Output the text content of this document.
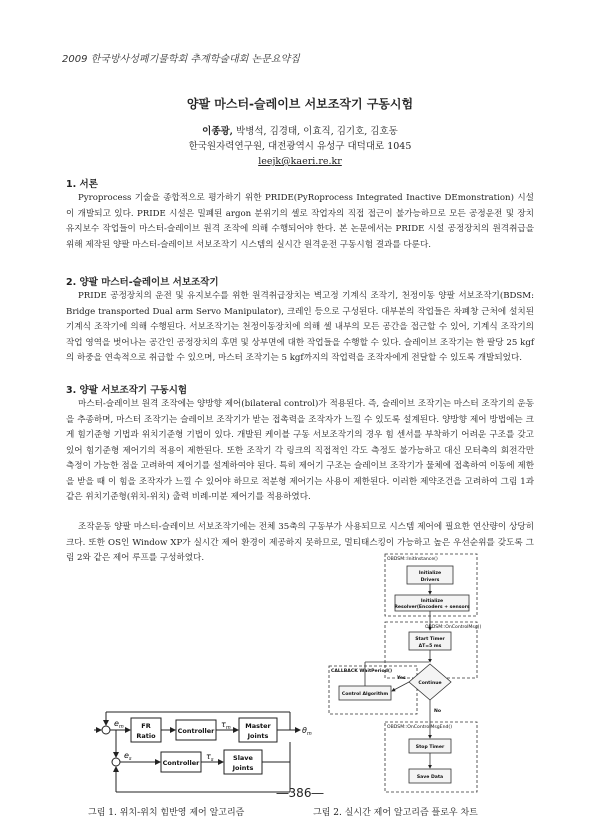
2009 한국방사성폐기물학회 추계학술대회 논문요약집
양팔 마스터-슬레이브 서보조작기 구동시험
이종광, 박병석, 김경태, 이효직, 김기호, 김호동
한국원자력연구원, 대전광역시 유성구 대덕대로 1045
leejk@kaeri.re.kr
1. 서론
Pyroprocess 기술을 종합적으로 평가하기 위한 PRIDE(PyRoprocess Integrated Inactive DEmonstration) 시설이 개발되고 있다. PRIDE 시설은 밀폐된 argon 분위기의 셀로 작업자의 직접 접근이 불가능하므로 모든 공정운전 및 장치 유지보수 작업들이 마스터-슬레이브 원격 조작에 의해 수행되어야 한다. 본 논문에서는 PRIDE 시설 공정장치의 원격취급을 위해 제작된 양팔 마스터-슬레이브 서보조작기 시스템의 실시간 원격운전 구동시험 결과를 다룬다.
2. 양팔 마스터-슬레이브 서보조작기
PRIDE 공정장치의 운전 및 유지보수를 위한 원격취급장치는 벽고정 기계식 조작기, 천정이동 양팔 서보조작기(BDSM: Bridge transported Dual arm Servo Manipulator), 크레인 등으로 구성된다. 대부분의 작업들은 차폐창 근처에 설치된 기계식 조작기에 의해 수행된다. 서보조작기는 천정이동장치에 의해 셀 내부의 모든 공간을 접근할 수 있어, 기계식 조작기의 작업 영역을 벗어나는 공간인 공정장치의 후면 및 상부면에 대한 작업들을 수행할 수 있다. 슬레이브 조작기는 한 팔당 25 kgf의 하중을 연속적으로 취급할 수 있으며, 마스터 조작기는 5 kgf까지의 작업력을 조작자에게 전달할 수 있도록 개발되었다.
3. 양팔 서보조작기 구동시험
마스터-슬레이브 원격 조작에는 양방향 제어(bilateral control)가 적용된다. 즉, 슬레이브 조작기는 마스터 조작기의 운동을 추종하며, 마스터 조작기는 슬레이브 조작기가 받는 접촉력을 조작자가 느낄 수 있도록 설계된다. 양방향 제어 방법에는 크게 힘기준형 기법과 위치기준형 기법이 있다. 개발된 케이블 구동 서보조작기의 경우 힘 센서를 부착하기 어려운 구조를 갖고 있어 힘기준형 제어기의 적용이 제한된다. 또한 조작기 각 링크의 직접적인 각도 측정도 불가능하고 대신 모터축의 회전각만 측정이 가능한 점을 고려하여 제어기를 설계하여야 된다. 특히 제어기 구조는 슬레이브 조작기가 물체에 접촉하여 이동에 제한을 받을 때 이 힘을 조작자가 느낄 수 있어야 하므로 적분형 제어기는 사용이 제한된다. 이러한 제약조건을 고려하여 그림 1과 같은 위치기준형(위치-위치) 출력 비례-미분 제어기를 적용하였다.
조작운동 양팔 마스터-슬레이브 서보조작기에는 전체 35축의 구동부가 사용되므로 시스템 제어에 필요한 연산량이 상당히 크다. 또한 OS인 Window XP가 실시간 제어 환경이 제공하지 못하므로, 멀티태스킹이 가능하고 높은 우선순위를 갖도록 그림 2와 같은 제어 루프를 구성하였다.
FR
Ratio
Controller
Master
Joints
Controller
Slave
Joints
$e_m$	$\tau_m$	$\theta_m$
$e_s$	$\tau_s$
그림 1. 위치-위치 힘반영 제어 알고리즘
OBDSM::InitInstance()
Initialize
Drivers
Initialize
Resolver(Encoders + sensors
OBDSM::OnControlMsg()
Start Timer
ΔT=5 ms
CALLBACK WaitPeriod()
Control Algorithm
Yes
No
Continue
OBDSM::OnControlMsgEnd()
Stop Timer
Save Data
그림 2. 실시간 제어 알고리즘 플로우 차트
―386―
